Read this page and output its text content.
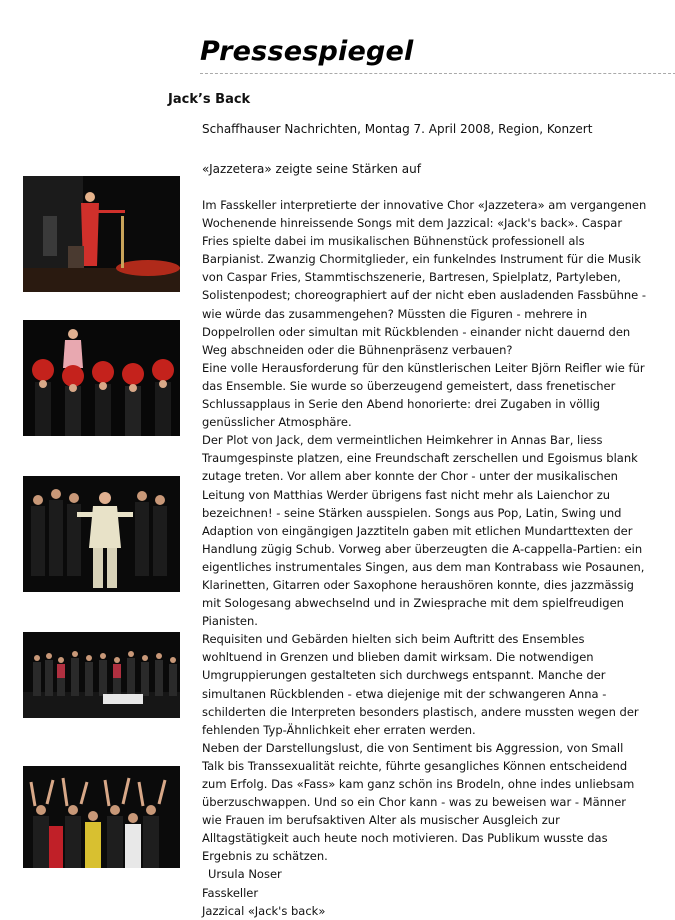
Pressespiegel
Jack’s Back
Schaffhauser Nachrichten, Montag 7. April 2008, Region, Konzert
«Jazzetera» zeigte seine Stärken auf

Im Fasskeller interpretierte der innovative Chor «Jazzetera» am vergangenen Wochenende hinreissende Songs mit dem Jazzical: «Jack's back». Caspar Fries spielte dabei im musikalischen Bühnenstück professionell als Barpianist. Zwanzig Chormitglieder, ein funkelndes Instrument für die Musik von Caspar Fries, Stammtischszenerie, Bartresen, Spielplatz, Partyleben, Solistenpodest; choreographiert auf der nicht eben ausladenden Fassbühne - wie würde das zusammengehen? Müssten die Figuren - mehrere in Doppelrollen oder simultan mit Rückblenden - einander nicht dauernd den Weg abschneiden oder die Bühnenpräsenz verbauen?

Eine volle Herausforderung für den künstlerischen Leiter Björn Reifler wie für das Ensemble. Sie wurde so überzeugend gemeistert, dass frenetischer Schlussapplaus in Serie den Abend honorierte: drei Zugaben in völlig genüsslicher Atmosphäre.

Der Plot von Jack, dem vermeintlichen Heimkehrer in Annas Bar, liess Traumgespinste platzen, eine Freundschaft zerschellen und Egoismus blank zutage treten. Vor allem aber konnte der Chor - unter der musikalischen Leitung von Matthias Werder übrigens fast nicht mehr als Laienchor zu bezeichnen! - seine Stärken ausspielen. Songs aus Pop, Latin, Swing und Adaption von eingängigen Jazztiteln gaben mit etlichen Mundarttexten der Handlung zügig Schub. Vorweg aber überzeugten die A-cappella-Partien: ein eigentliches instrumentales Singen, aus dem man Kontrabass wie Posaunen, Klarinetten, Gitarren oder Saxophone heraushören konnte, dies jazzmässig mit Sologesang abwechselnd und in Zwiesprache mit dem spielfreudigen Pianisten.

Requisiten und Gebärden hielten sich beim Auftritt des Ensembles wohltuend in Grenzen und blieben damit wirksam. Die notwendigen Umgruppierungen gestalteten sich durchwegs entspannt. Manche der simultanen Rückblenden - etwa diejenige mit der schwangeren Anna - schilderten die Interpreten besonders plastisch, andere mussten wegen der fehlenden Typ-Ähnlichkeit eher erraten werden.

Neben der Darstellungslust, die von Sentiment bis Aggression, von Small Talk bis Transsexualität reichte, führte gesangliches Können entscheidend zum Erfolg. Das «Fass» kam ganz schön ins Brodeln, ohne indes unliebsam überzuschwappen. Und so ein Chor kann - was zu beweisen war - Männer wie Frauen im berufsaktiven Alter als musischer Ausgleich zur Alltagstätigkeit auch heute noch motivieren. Das Publikum wusste das Ergebnis zu schätzen.

Ursula Noser

Fasskeller

Jazzical «Jack's back»
